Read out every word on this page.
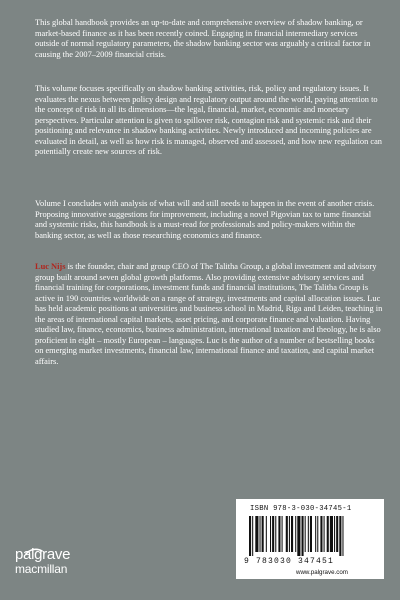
This global handbook provides an up-to-date and comprehensive overview of shadow banking, or market-based finance as it has been recently coined. Engaging in financial intermediary services outside of normal regulatory parameters, the shadow banking sector was arguably a critical factor in causing the 2007–2009 financial crisis.
This volume focuses specifically on shadow banking activities, risk, policy and regulatory issues. It evaluates the nexus between policy design and regulatory output around the world, paying attention to the concept of risk in all its dimensions—the legal, financial, market, economic and monetary perspectives. Particular attention is given to spillover risk, contagion risk and systemic risk and their positioning and relevance in shadow banking activities. Newly introduced and incoming policies are evaluated in detail, as well as how risk is managed, observed and assessed, and how new regulation can potentially create new sources of risk.
Volume I concludes with analysis of what will and still needs to happen in the event of another crisis. Proposing innovative suggestions for improvement, including a novel Pigovian tax to tame financial and systemic risks, this handbook is a must-read for professionals and policy-makers within the banking sector, as well as those researching economics and finance.
Luc Nijs is the founder, chair and group CEO of The Talitha Group, a global investment and advisory group built around seven global growth platforms. Also providing extensive advisory services and financial training for corporations, investment funds and financial institutions, The Talitha Group is active in 190 countries worldwide on a range of strategy, investments and capital allocation issues. Luc has held academic positions at universities and business school in Madrid, Riga and Leiden, teaching in the areas of international capital markets, asset pricing, and corporate finance and valuation. Having studied law, finance, economics, business administration, international taxation and theology, he is also proficient in eight – mostly European – languages. Luc is the author of a number of bestselling books on emerging market investments, financial law, international finance and taxation, and capital market affairs.
ISBN 978-3-030-34745-1
9 783030 347451
www.palgrave.com
palgrave
macmillan
